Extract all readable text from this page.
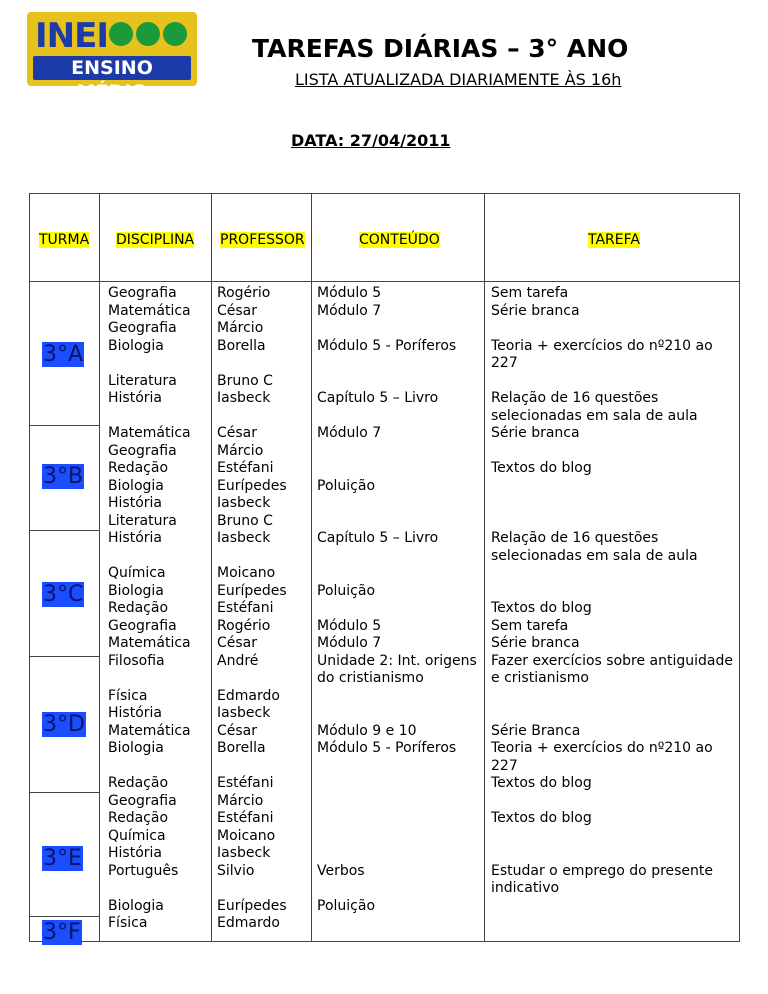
INEI
ENSINO MÉDIO
TAREFAS DIÁRIAS – 3° ANO
LISTA ATUALIZADA DIARIAMENTE ÀS 16h
DATA: 27/04/2011
TURMA DISCIPLINA PROFESSOR	CONTEÚDO	TAREFA
3°A
3°B
3°C
3°D
3°E
3°F
Geografia
Matemática
Geografia
Biologia
Literatura
História
Matemática
Geografia
Redação
Biologia
História
Literatura
História
Química
Biologia
Redação
Geografia
Matemática
Filosofia
Física
História
Matemática
Biologia
Redação
Geografia
Redação
Química
História
Português
Biologia
Física
Rogério
César
Márcio
Borella
Bruno C
Iasbeck
César
Márcio
Estéfani
Eurípedes
Iasbeck
Bruno C
Iasbeck
Moicano
Eurípedes
Estéfani
Rogério
César
André
Edmardo
Iasbeck
César
Borella
Estéfani
Márcio
Estéfani
Moicano
Iasbeck
Silvio
Eurípedes
Edmardo
Módulo 5
Módulo 7
Módulo 5 - Poríferos
Capítulo 5 – Livro
Módulo 7
Poluição
Capítulo 5 – Livro
Poluição
Módulo 5
Módulo 7
Unidade 2: Int. origens
do cristianismo
Módulo 9 e 10
Módulo 5 - Poríferos
Verbos
Poluição
Sem tarefa
Série branca
Teoria + exercícios do nº210 ao
227
Relação de 16 questões
selecionadas em sala de aula
Série branca
Textos do blog
Relação de 16 questões
selecionadas em sala de aula
Textos do blog
Sem tarefa
Série branca
Fazer exercícios sobre antiguidade
e cristianismo
Série Branca
Teoria + exercícios do nº210 ao
227
Textos do blog
Textos do blog
Estudar o emprego do presente
indicativo
